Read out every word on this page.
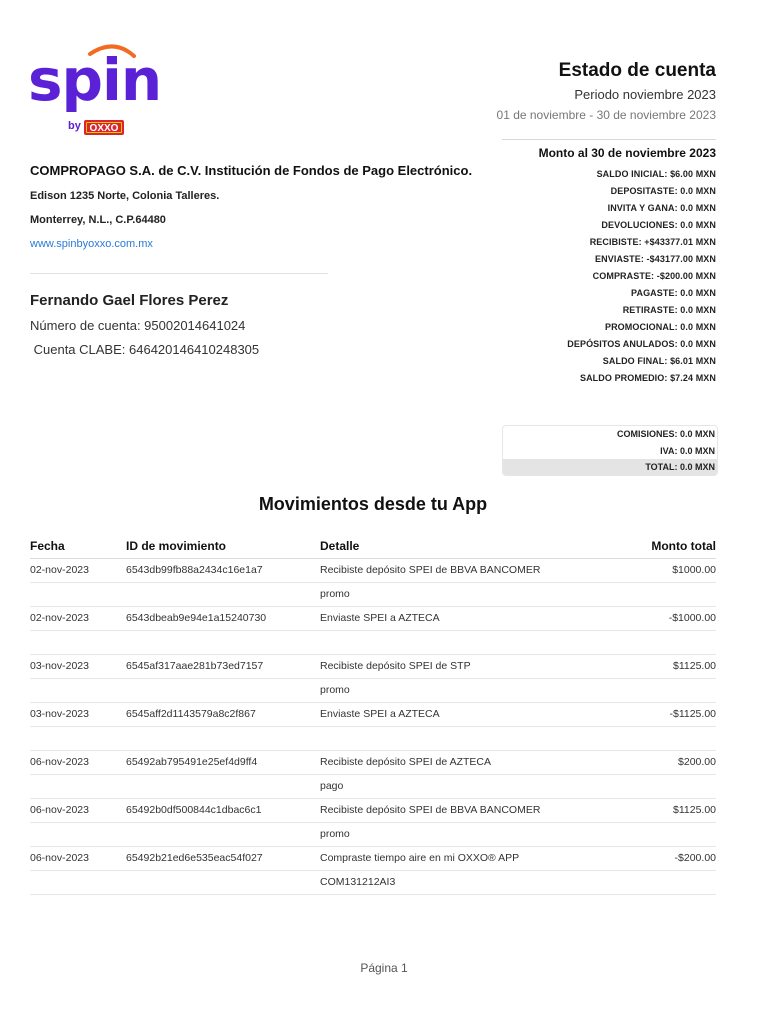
spin
by OXXO
Estado de cuenta
Periodo noviembre 2023
01 de noviembre - 30 de noviembre 2023
COMPROPAGO S.A. de C.V. Institución de Fondos de Pago Electrónico.
Edison 1235 Norte, Colonia Talleres.
Monterrey, N.L., C.P.64480
www.spinbyoxxo.com.mx
Fernando Gael Flores Perez
Número de cuenta: 95002014641024
Cuenta CLABE: 646420146410248305
Monto al 30 de noviembre 2023
SALDO INICIAL: $6.00 MXN
DEPOSITASTE: 0.0 MXN
INVITA Y GANA: 0.0 MXN
DEVOLUCIONES: 0.0 MXN
RECIBISTE: +$43377.01 MXN
ENVIASTE: -$43177.00 MXN
COMPRASTE: -$200.00 MXN
PAGASTE: 0.0 MXN
RETIRASTE: 0.0 MXN
PROMOCIONAL: 0.0 MXN
DEPÓSITOS ANULADOS: 0.0 MXN
SALDO FINAL: $6.01 MXN
SALDO PROMEDIO: $7.24 MXN
COMISIONES: 0.0 MXN
IVA: 0.0 MXN
TOTAL: 0.0 MXN
Movimientos desde tu App
Fecha	ID de movimiento	Detalle	Monto total
02-nov-2023	6543db99fb88a2434c16e1a7	Recibiste depósito SPEI de BBVA BANCOMER	$1000.00
promo
02-nov-2023	6543dbeab9e94e1a15240730	Enviaste SPEI a AZTECA	-$1000.00
03-nov-2023	6545af317aae281b73ed7157	Recibiste depósito SPEI de STP	$1125.00
promo
03-nov-2023	6545aff2d1143579a8c2f867	Enviaste SPEI a AZTECA	-$1125.00
06-nov-2023	65492ab795491e25ef4d9ff4	Recibiste depósito SPEI de AZTECA	$200.00
pago
06-nov-2023	65492b0df500844c1dbac6c1	Recibiste depósito SPEI de BBVA BANCOMER	$1125.00
promo
06-nov-2023	65492b21ed6e535eac54f027	Compraste tiempo aire en mi OXXO® APP	-$200.00
COM131212AI3
Página 1
